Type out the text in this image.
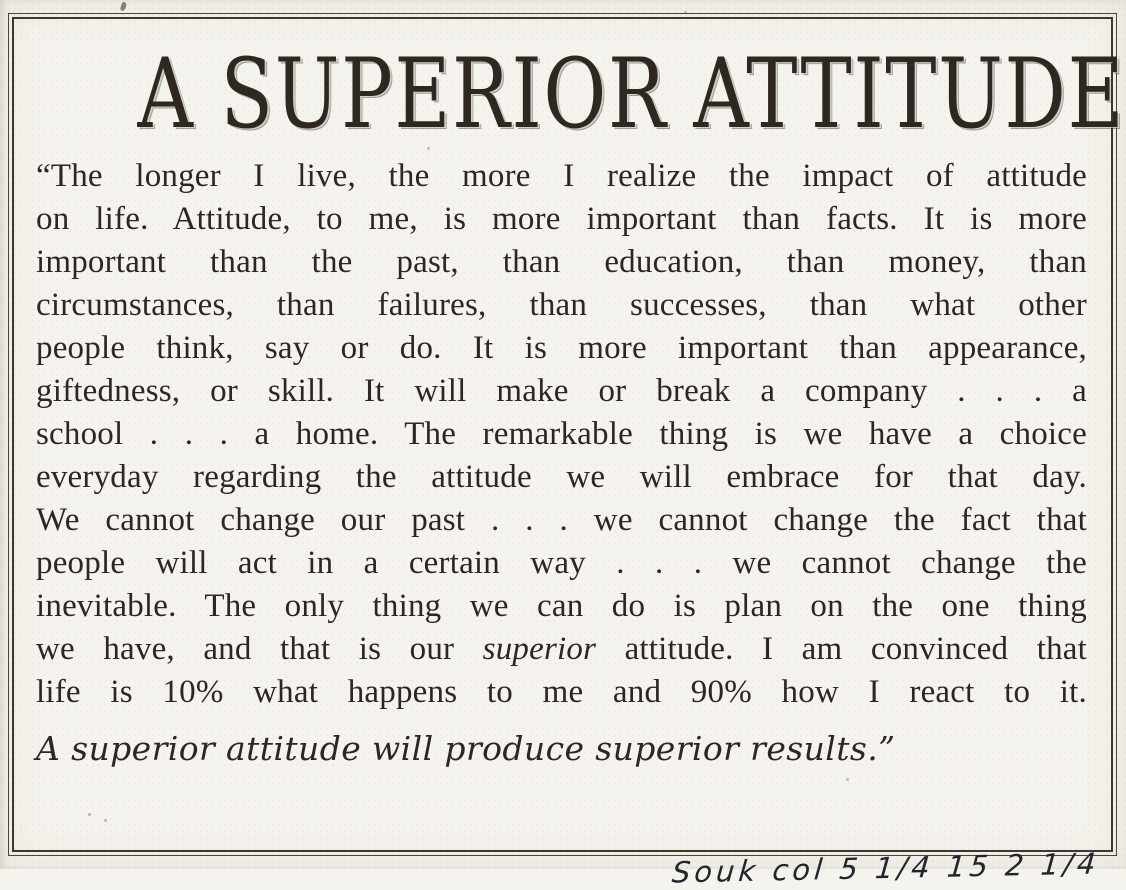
A SUPERIOR ATTITUDE

“The longer I live, the more I realize the impact of attitude

on life. Attitude, to me, is more important than facts. It is more

important than the past, than education, than money, than

circumstances, than failures, than successes, than what other

people think, say or do. It is more important than appearance,

giftedness, or skill. It will make or break a company . . . a

school . . . a home. The remarkable thing is we have a choice

everyday regarding the attitude we will embrace for that day.

We cannot change our past . . . we cannot change the fact that

people will act in a certain way . . . we cannot change the

inevitable. The only thing we can do is plan on the one thing

we have, and that is our superior attitude. I am convinced that

life is 10% what happens to me and 90% how I react to it.

A superior attitude will produce superior results.”

Souk col 5 1/4 15 2 1/4
